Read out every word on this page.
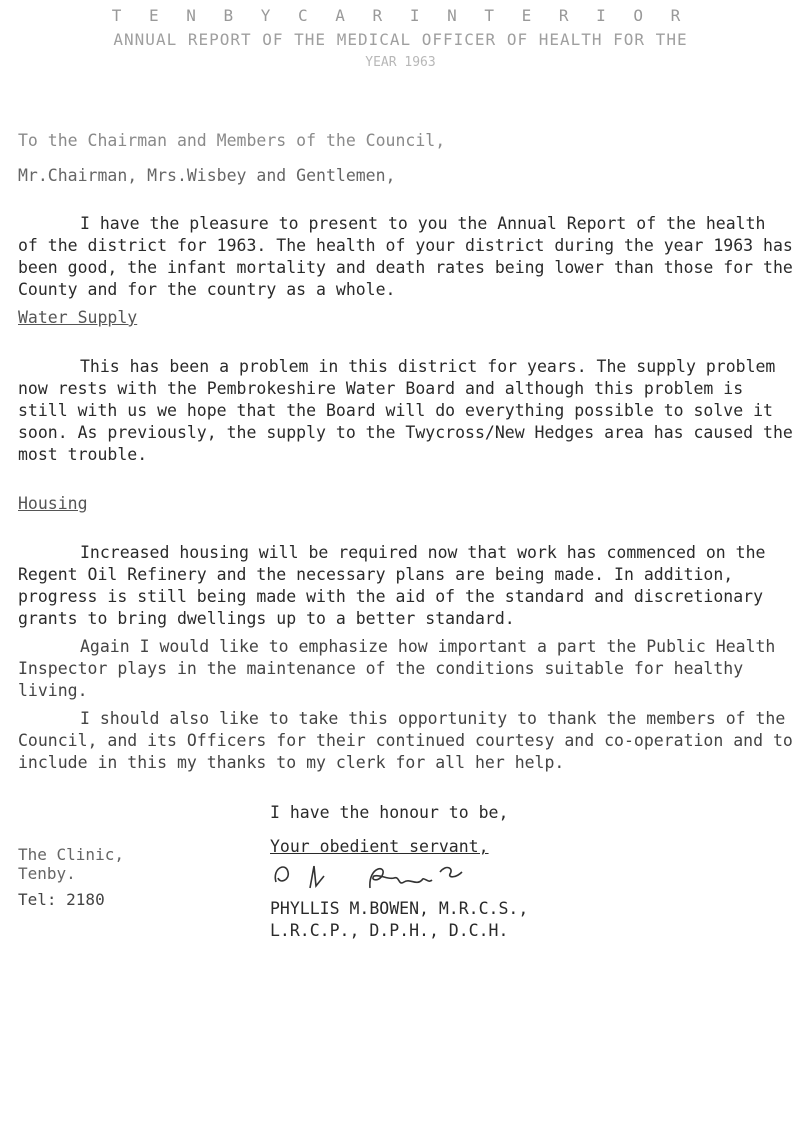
T E N B Y C A R I N T E R I O R
ANNUAL REPORT OF THE MEDICAL OFFICER OF HEALTH FOR THE
YEAR 1963
To the Chairman and Members of the Council,
Mr.Chairman, Mrs.Wisbey and Gentlemen,
I have the pleasure to present to you the Annual Report of the health of the district for 1963. The health of your district during the year 1963 has been good, the infant mortality and death rates being lower than those for the County and for the country as a whole.
Water Supply
This has been a problem in this district for years. The supply problem now rests with the Pembrokeshire Water Board and although this problem is still with us we hope that the Board will do everything possible to solve it soon. As previously, the supply to the Twycross/New Hedges area has caused the most trouble.
Housing
Increased housing will be required now that work has commenced on the Regent Oil Refinery and the necessary plans are being made. In addition, progress is still being made with the aid of the standard and discretionary grants to bring dwellings up to a better standard.
Again I would like to emphasize how important a part the Public Health Inspector plays in the maintenance of the conditions suitable for healthy living.
I should also like to take this opportunity to thank the members of the Council, and its Officers for their continued courtesy and co-operation and to include in this my thanks to my clerk for all her help.
I have the honour to be,
The Clinic,
Tenby.
Tel: 2180
Your obedient servant,
PHYLLIS M.BOWEN, M.R.C.S.,
L.R.C.P., D.P.H., D.C.H.
